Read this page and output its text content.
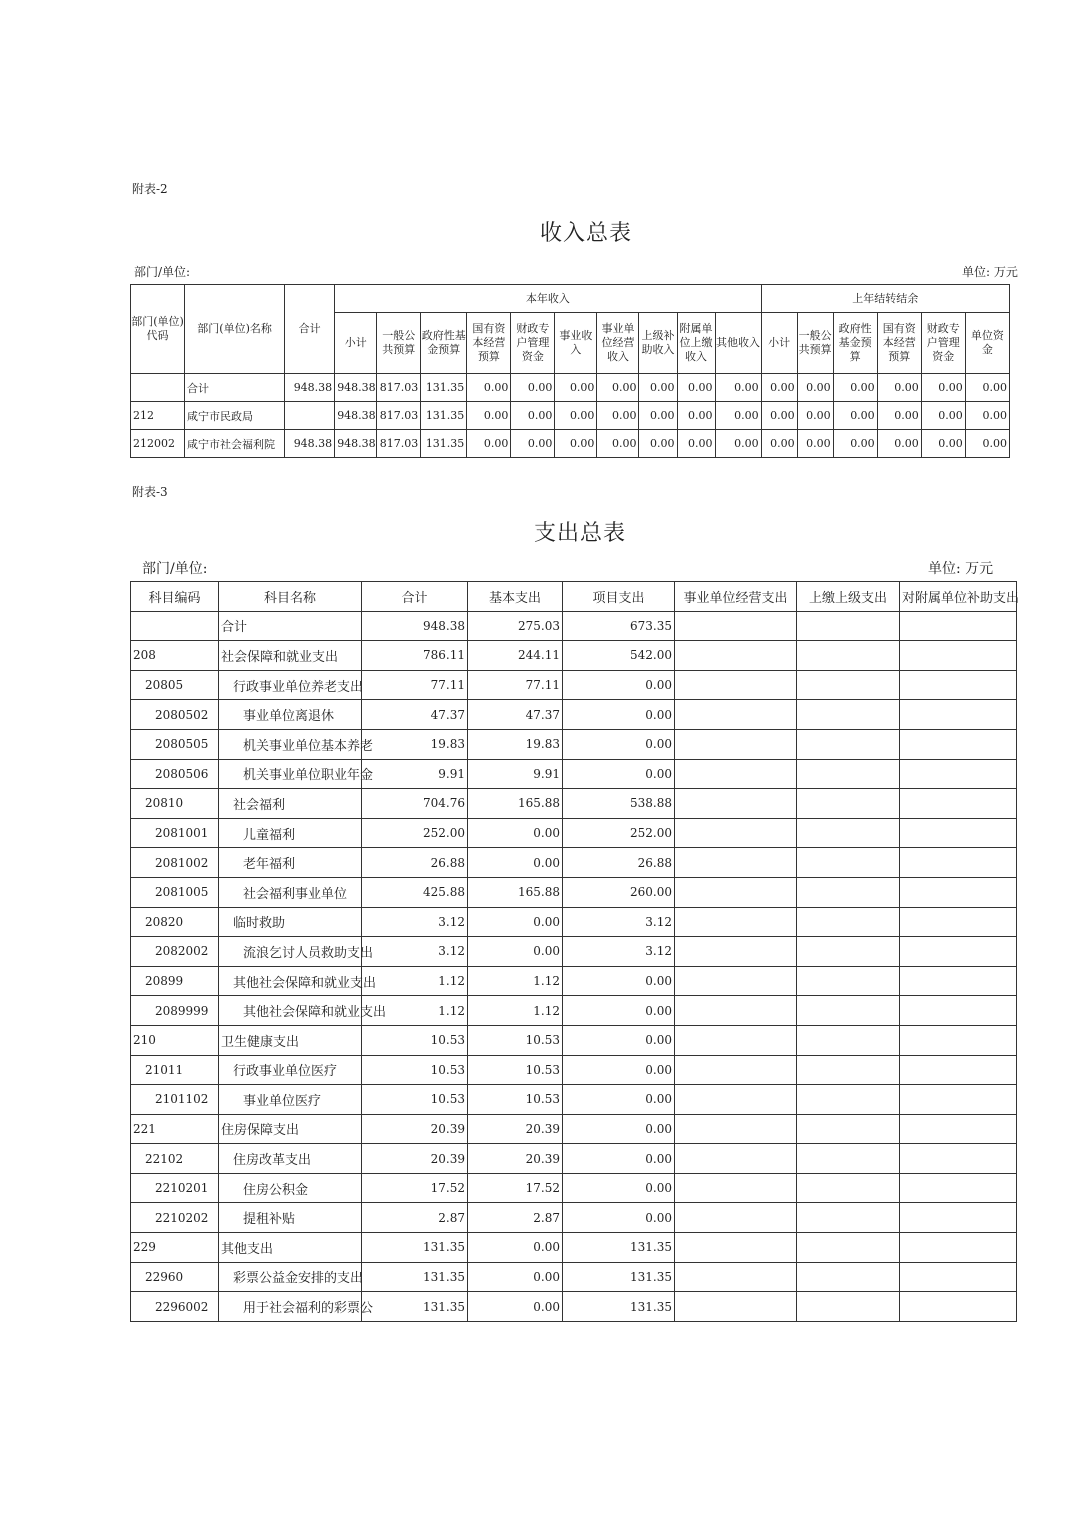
附表-2
收入总表
部门/单位:	单位: 万元
部门(单位)代码	部门(单位)名称	合计	本年收入										上年结转结余					
			小计	一般公共预算	政府性基金预算	国有资本经营预算	财政专户管理资金	事业收入	事业单位经营收入	上级补助收入	附属单位上缴收入	其他收入	小计	一般公共预算	政府性基金预算	国有资本经营预算	财政专户管理资金	单位资金
	合计	948.38	948.38	817.03	131.35	0.00	0.00	0.00	0.00	0.00	0.00	0.00	0.00	0.00	0.00	0.00	0.00	0.00
212	咸宁市民政局		948.38	817.03	131.35	0.00	0.00	0.00	0.00	0.00	0.00	0.00	0.00	0.00	0.00	0.00	0.00	0.00
212002	咸宁市社会福利院	948.38	948.38	817.03	131.35	0.00	0.00	0.00	0.00	0.00	0.00	0.00	0.00	0.00	0.00	0.00	0.00	0.00
附表-3
支出总表
部门/单位:	单位: 万元
科目编码	科目名称	合计	基本支出	项目支出	事业单位经营支出	上缴上级支出	对附属单位补助支出
	合计	948.38	275.03	673.35			
208	社会保障和就业支出	786.11	244.11	542.00			
20805	行政事业单位养老支出	77.11	77.11	0.00			
2080502	事业单位离退休	47.37	47.37	0.00			
2080505	机关事业单位基本养老	19.83	19.83	0.00			
2080506	机关事业单位职业年金	9.91	9.91	0.00			
20810	社会福利	704.76	165.88	538.88			
2081001	儿童福利	252.00	0.00	252.00			
2081002	老年福利	26.88	0.00	26.88			
2081005	社会福利事业单位	425.88	165.88	260.00			
20820	临时救助	3.12	0.00	3.12			
2082002	流浪乞讨人员救助支出	3.12	0.00	3.12			
20899	其他社会保障和就业支出	1.12	1.12	0.00			
2089999	其他社会保障和就业支出	1.12	1.12	0.00			
210	卫生健康支出	10.53	10.53	0.00			
21011	行政事业单位医疗	10.53	10.53	0.00			
2101102	事业单位医疗	10.53	10.53	0.00			
221	住房保障支出	20.39	20.39	0.00			
22102	住房改革支出	20.39	20.39	0.00			
2210201	住房公积金	17.52	17.52	0.00			
2210202	提租补贴	2.87	2.87	0.00			
229	其他支出	131.35	0.00	131.35			
22960	彩票公益金安排的支出	131.35	0.00	131.35			
2296002	用于社会福利的彩票公	131.35	0.00	131.35			
